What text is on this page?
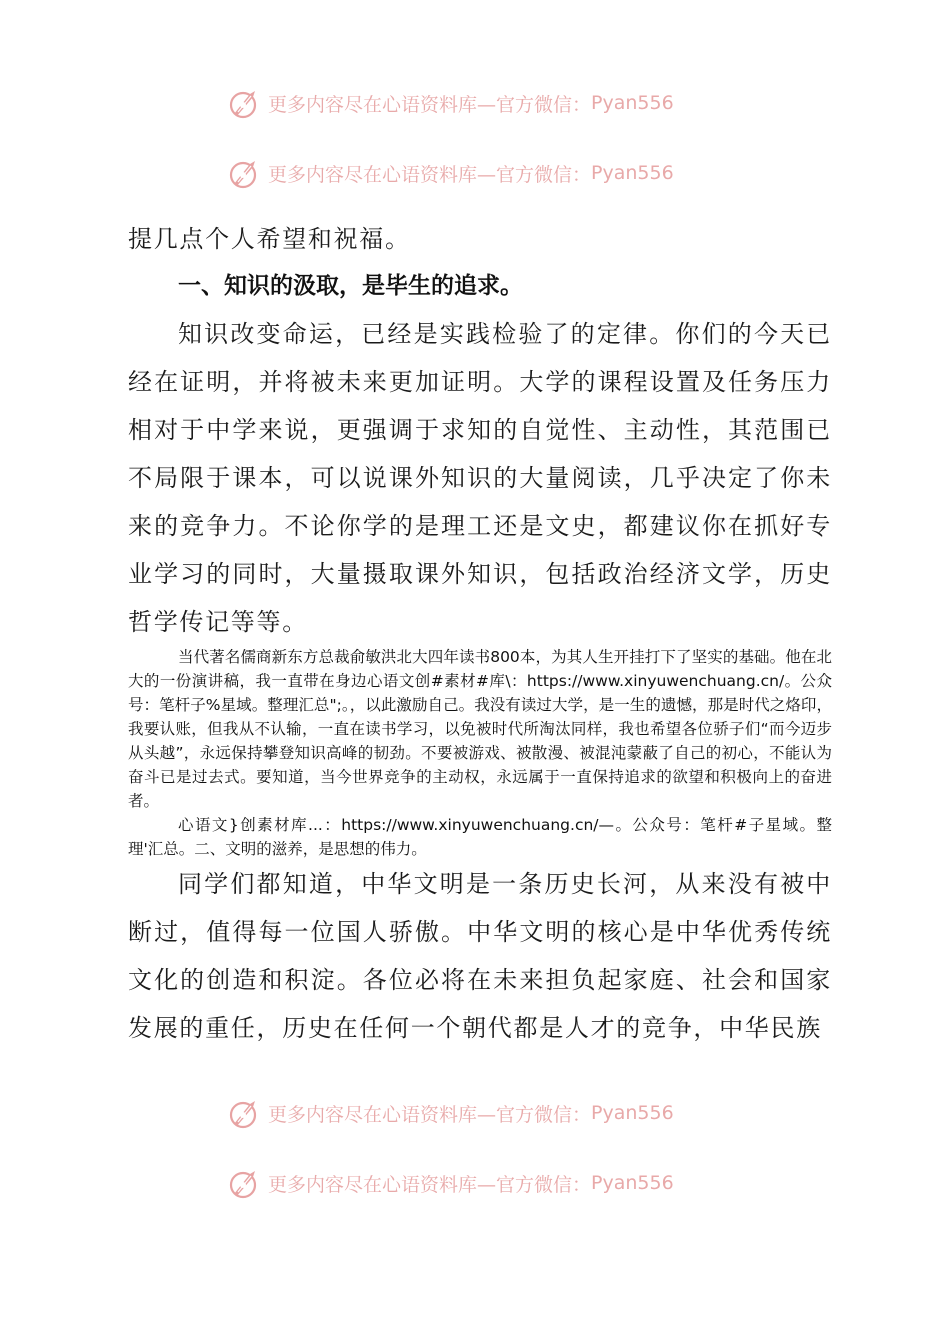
更多内容尽在心语资料库—官方微信： Pyan556
更多内容尽在心语资料库—官方微信： Pyan556

提几点个人希望和祝福。

一、知识的汲取，是毕生的追求。

知识改变命运，已经是实践检验了的定律。你们的今天已经在证明，并将被未来更加证明。大学的课程设置及任务压力相对于中学来说，更强调于求知的自觉性、主动性，其范围已不局限于课本，可以说课外知识的大量阅读，几乎决定了你未来的竞争力。不论你学的是理工还是文史，都建议你在抓好专业学习的同时，大量摄取课外知识，包括政治经济文学，历史哲学传记等等。

当代著名儒商新东方总裁俞敏洪北大四年读书800本，为其人生开挂打下了坚实的基础。他在北大的一份演讲稿，我一直带在身边心语文创#素材#库\：https://www.xinyuwenchuang.cn/。公众号：笔杆子%星域。整理汇总";。，以此激励自己。我没有读过大学，是一生的遗憾，那是时代之烙印，我要认账，但我从不认输，一直在读书学习，以免被时代所淘汰同样，我也希望各位骄子们“而今迈步从头越”，永远保持攀登知识高峰的韧劲。不要被游戏、被散漫、被混沌蒙蔽了自己的初心，不能认为奋斗已是过去式。要知道，当今世界竞争的主动权，永远属于一直保持追求的欲望和积极向上的奋进者。

心语文}创素材库...：https://www.xinyuwenchuang.cn/—。公众号：笔杆#子星域。整理'汇总。二、文明的滋养，是思想的伟力。

同学们都知道，中华文明是一条历史长河，从来没有被中断过，值得每一位国人骄傲。中华文明的核心是中华优秀传统文化的创造和积淀。各位必将在未来担负起家庭、社会和国家发展的重任，历史在任何一个朝代都是人才的竞争，中华民族

更多内容尽在心语资料库—官方微信： Pyan556
更多内容尽在心语资料库—官方微信： Pyan556
